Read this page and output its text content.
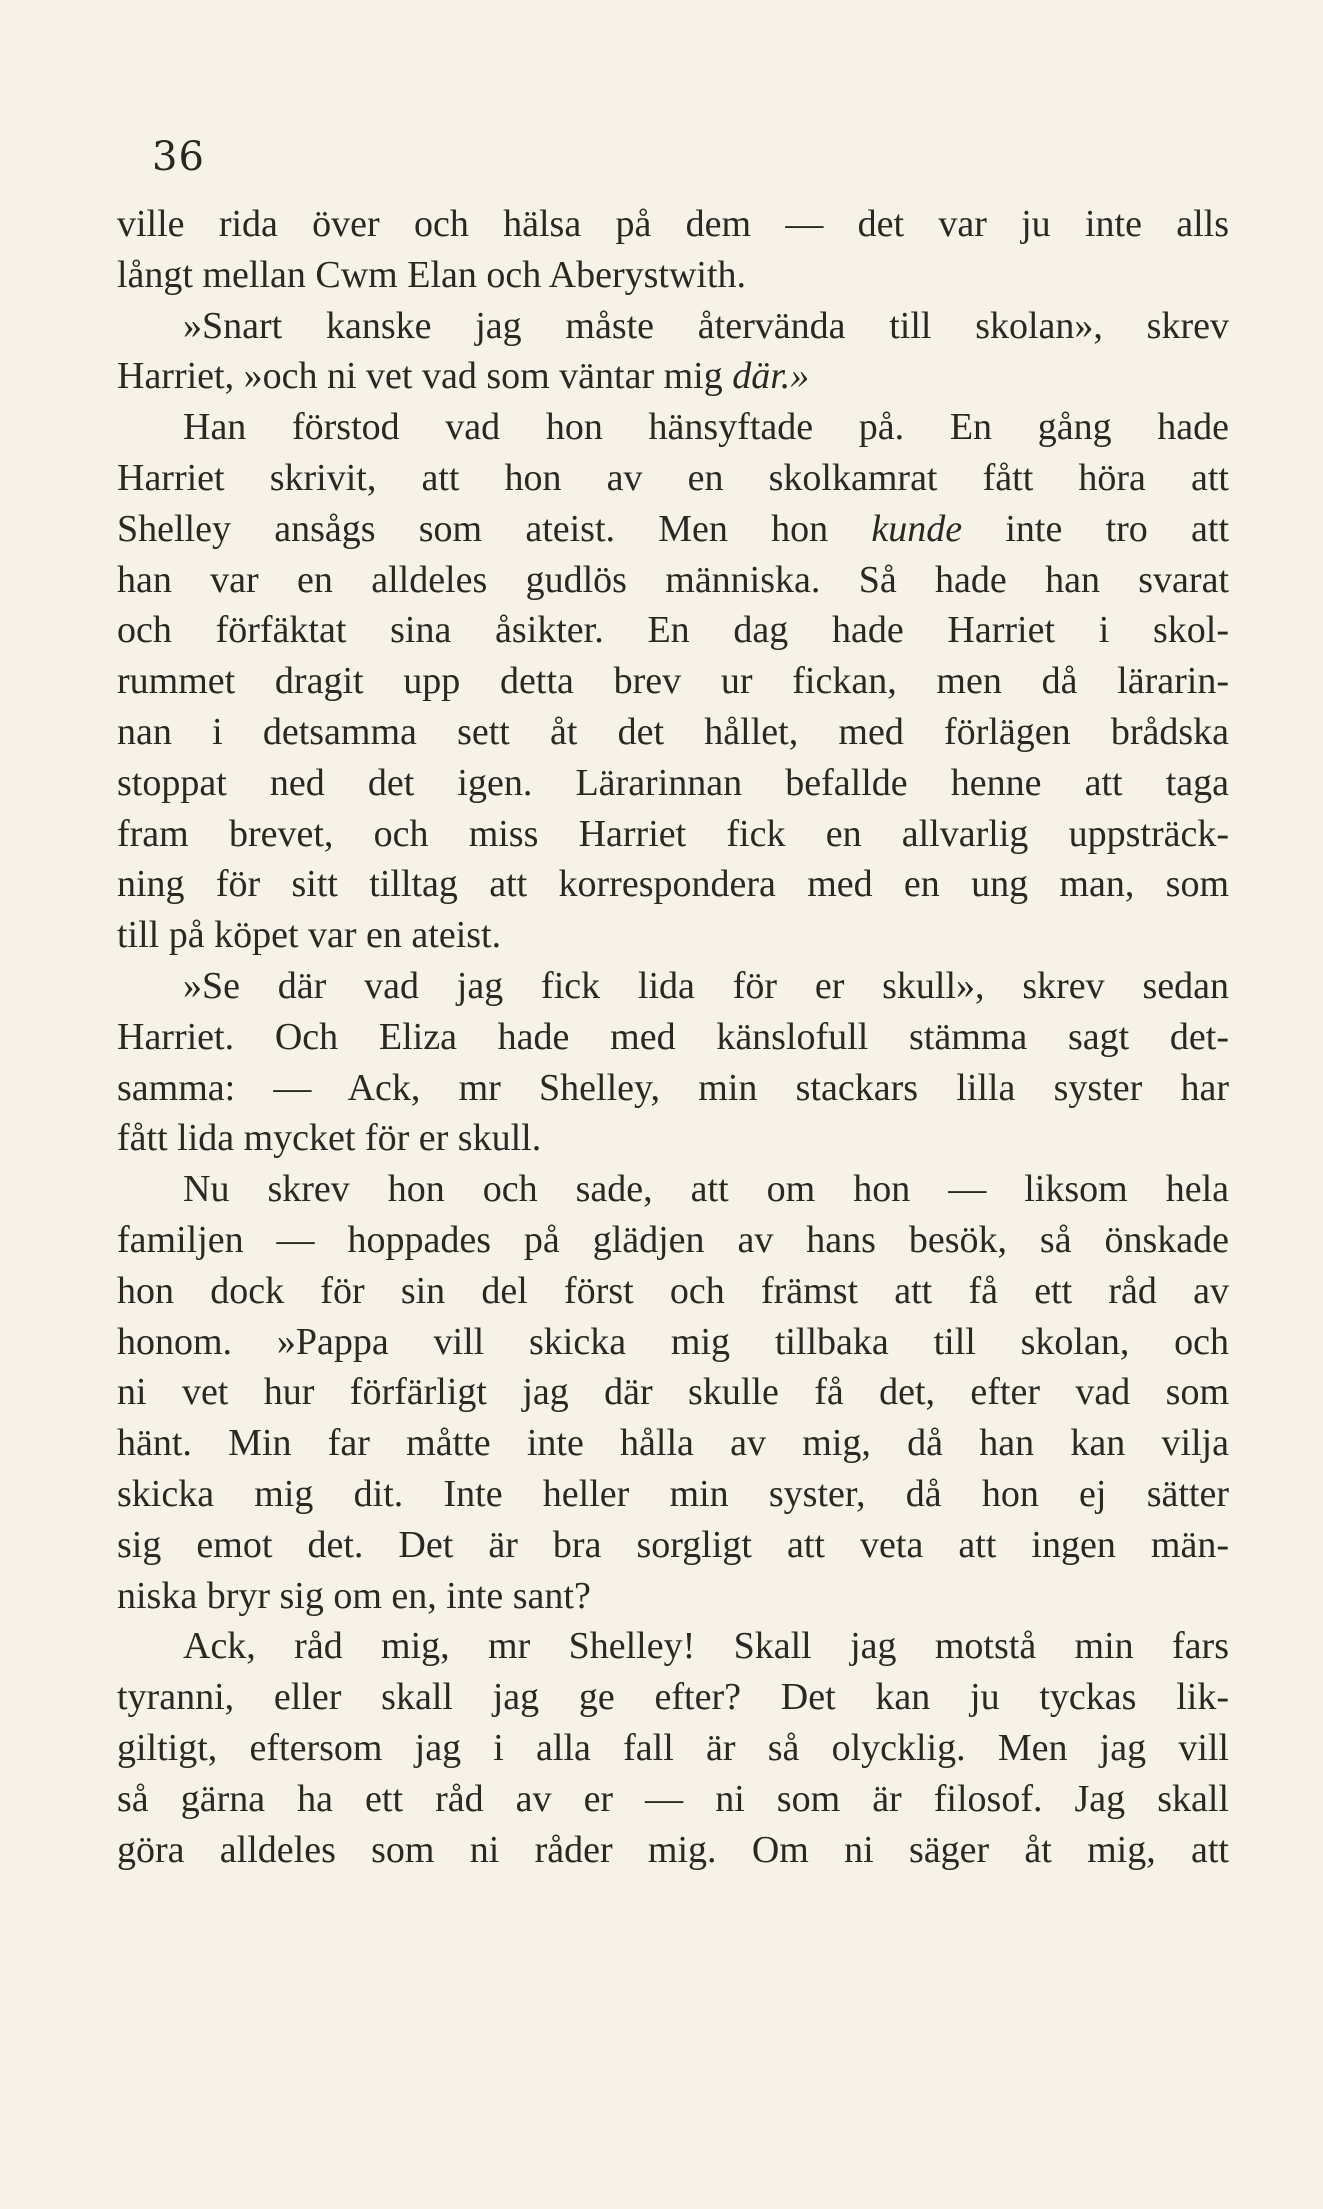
36
ville rida över och hälsa på dem — det var ju inte alls
långt mellan Cwm Elan och Aberystwith.
»Snart kanske jag måste återvända till skolan», skrev
Harriet, »och ni vet vad som väntar mig där.»
Han förstod vad hon hänsyftade på. En gång hade
Harriet skrivit, att hon av en skolkamrat fått höra att
Shelley ansågs som ateist. Men hon kunde inte tro att
han var en alldeles gudlös människa. Så hade han svarat
och förfäktat sina åsikter. En dag hade Harriet i skol-
rummet dragit upp detta brev ur fickan, men då lärarin-
nan i detsamma sett åt det hållet, med förlägen brådska
stoppat ned det igen. Lärarinnan befallde henne att taga
fram brevet, och miss Harriet fick en allvarlig uppsträck-
ning för sitt tilltag att korrespondera med en ung man, som
till på köpet var en ateist.
»Se där vad jag fick lida för er skull», skrev sedan
Harriet. Och Eliza hade med känslofull stämma sagt det-
samma: — Ack, mr Shelley, min stackars lilla syster har
fått lida mycket för er skull.
Nu skrev hon och sade, att om hon — liksom hela
familjen — hoppades på glädjen av hans besök, så önskade
hon dock för sin del först och främst att få ett råd av
honom. »Pappa vill skicka mig tillbaka till skolan, och
ni vet hur förfärligt jag där skulle få det, efter vad som
hänt. Min far måtte inte hålla av mig, då han kan vilja
skicka mig dit. Inte heller min syster, då hon ej sätter
sig emot det. Det är bra sorgligt att veta att ingen män-
niska bryr sig om en, inte sant?
Ack, råd mig, mr Shelley! Skall jag motstå min fars
tyranni, eller skall jag ge efter? Det kan ju tyckas lik-
giltigt, eftersom jag i alla fall är så olycklig. Men jag vill
så gärna ha ett råd av er — ni som är filosof. Jag skall
göra alldeles som ni råder mig. Om ni säger åt mig, att
